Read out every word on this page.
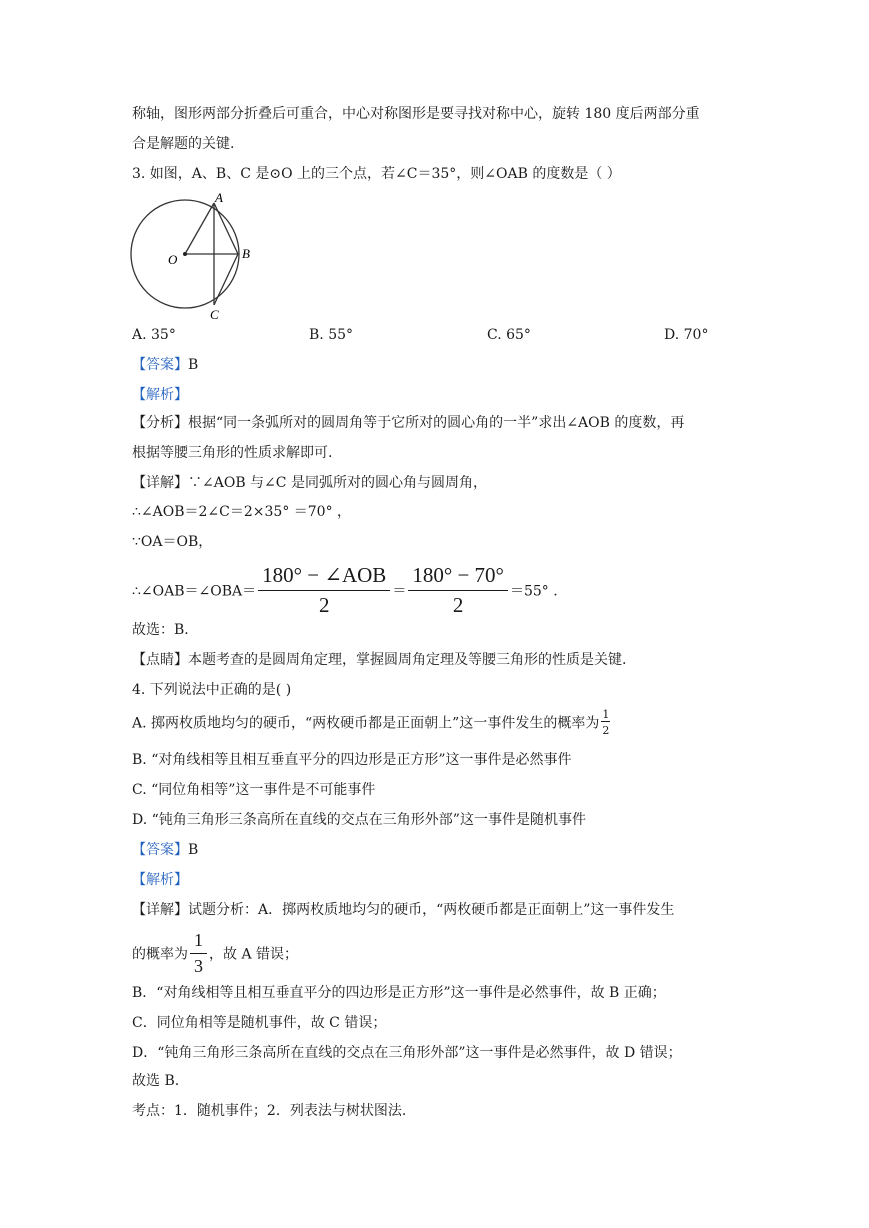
称轴，图形两部分折叠后可重合，中心对称图形是要寻找对称中心，旋转 180 度后两部分重
合是解题的关键.
3. 如图，A、B、C 是⊙O 上的三个点，若∠C＝35°，则∠OAB 的度数是（ ）
A
B
C
O
A. 35°	B. 55°	C. 65°	D. 70°
【答案】B
【解析】
【分析】根据“同一条弧所对的圆周角等于它所对的圆心角的一半”求出∠AOB 的度数，再
根据等腰三角形的性质求解即可.
【详解】∵∠AOB 与∠C 是同弧所对的圆心角与圆周角，
∴∠AOB＝2∠C＝2×35° ＝70° ，
∵OA＝OB，
∴∠OAB＝∠OBA＝ $\frac{\text{180° − ∠AOB}}{2} = \frac{180^\circ - 70^\circ}{2} =55^\circ$ .
故选：B.
【点睛】本题考查的是圆周角定理，掌握圆周角定理及等腰三角形的性质是关键.
4. 下列说法中正确的是( )
A. 掷两枚质地均匀的硬币，“两枚硬币都是正面朝上”这一事件发生的概率为 $\frac{1}{2}$
B. “对角线相等且相互垂直平分的四边形是正方形”这一事件是必然事件
C. “同位角相等”这一事件是不可能事件
D. “钝角三角形三条高所在直线的交点在三角形外部”这一事件是随机事件
【答案】B
【解析】
【详解】试题分析：A．掷两枚质地均匀的硬币，“两枚硬币都是正面朝上”这一事件发生
的概率为 $\frac{1}{3}$ ，故 A 错误；
B．“对角线相等且相互垂直平分的四边形是正方形”这一事件是必然事件，故 B 正确；
C．同位角相等是随机事件，故 C 错误；
D．“钝角三角形三条高所在直线的交点在三角形外部”这一事件是必然事件，故 D 错误；
故选 B.
考点：1．随机事件；2．列表法与树状图法.
